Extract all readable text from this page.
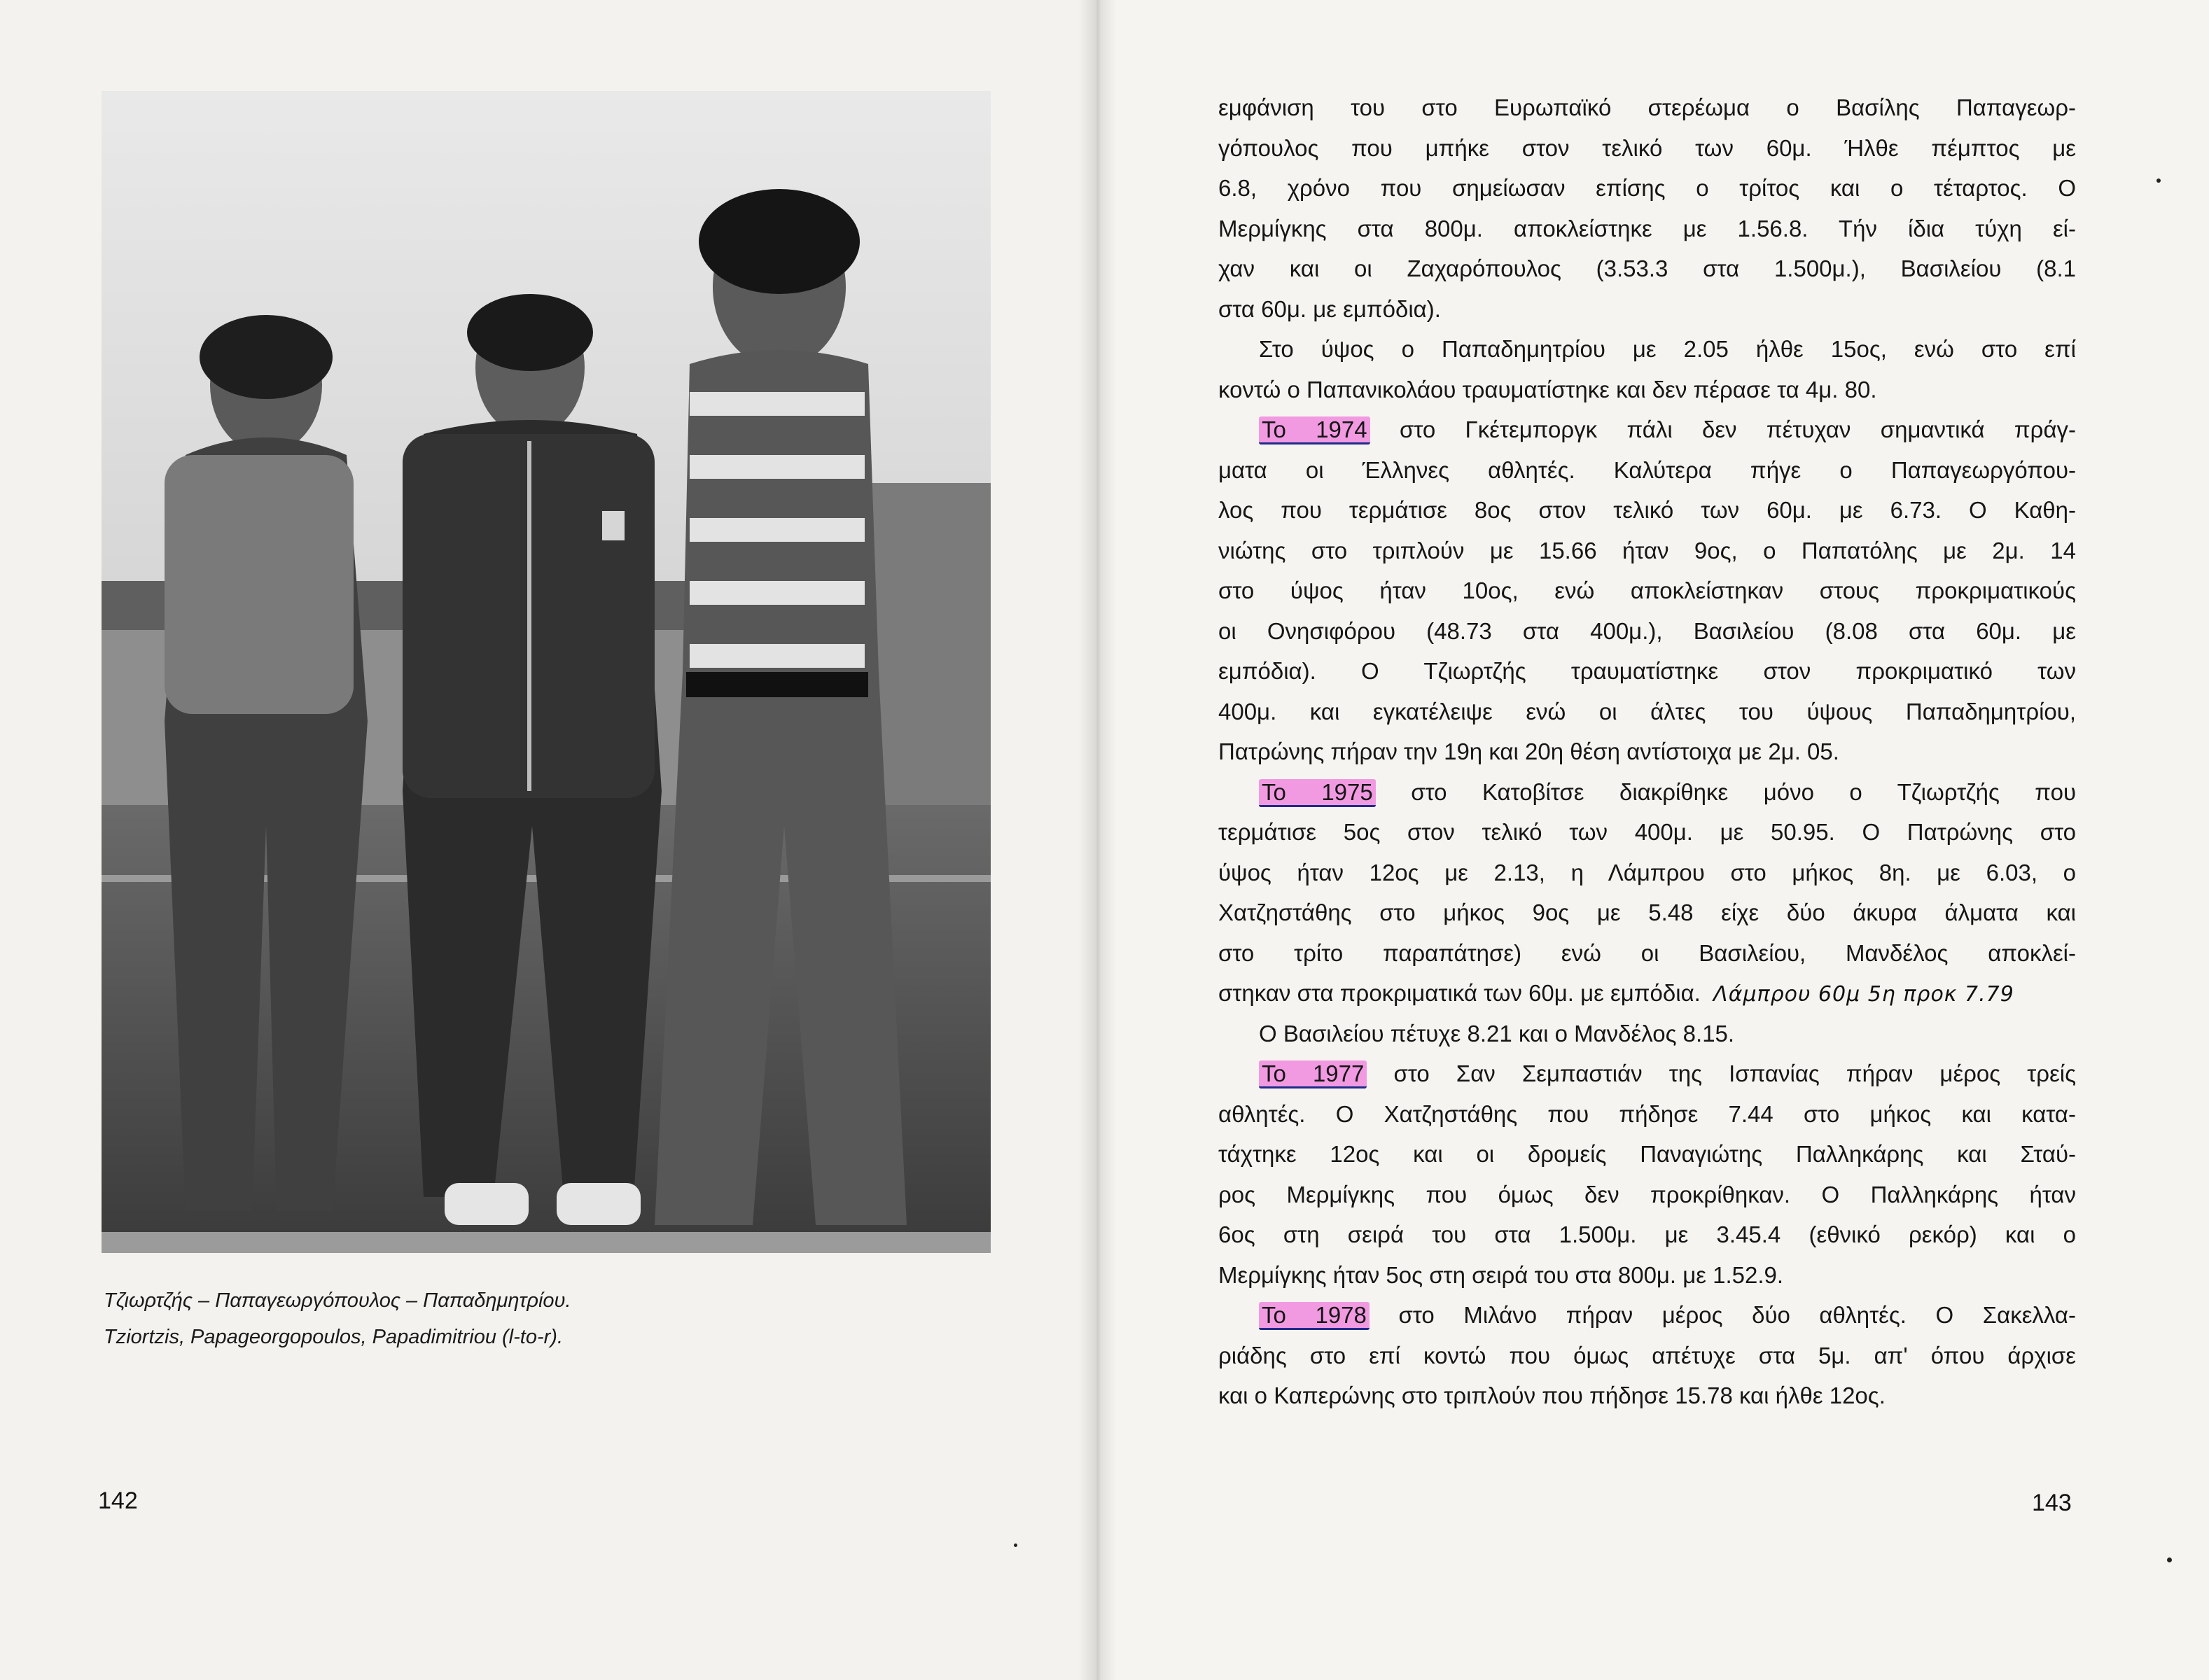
Τζιωρτζής – Παπαγεωργόπουλος – Παπαδημητρίου.
Tziortzis, Papageorgopoulos, Papadimitriou (l-to-r).
142

εμφάνιση του στο Ευρωπαϊκό στερέωμα ο Βασίλης Παπαγεωρ-
γόπουλος που μπήκε στον τελικό των 60μ. Ήλθε πέμπτος με
6.8, χρόνο που σημείωσαν επίσης ο τρίτος και ο τέταρτος. Ο
Μερμίγκης στα 800μ. αποκλείστηκε με 1.56.8. Τήν ίδια τύχη εί-
χαν και οι Ζαχαρόπουλος (3.53.3 στα 1.500μ.), Βασιλείου (8.1
στα 60μ. με εμπόδια).

Στο ύψος ο Παπαδημητρίου με 2.05 ήλθε 15ος, ενώ στο επί
κοντώ ο Παπανικολάου τραυματίστηκε και δεν πέρασε τα 4μ. 80.

Το 1974 στο Γκέτεμποργκ πάλι δεν πέτυχαν σημαντικά πράγ-
ματα οι Έλληνες αθλητές. Καλύτερα πήγε ο Παπαγεωργόπου-
λος που τερμάτισε 8ος στον τελικό των 60μ. με 6.73. Ο Καθη-
νιώτης στο τριπλούν με 15.66 ήταν 9ος, ο Παπατόλης με 2μ. 14
στο ύψος ήταν 10ος, ενώ αποκλείστηκαν στους προκριματικούς
οι Ονησιφόρου (48.73 στα 400μ.), Βασιλείου (8.08 στα 60μ. με
εμπόδια). Ο Τζιωρτζής τραυματίστηκε στον προκριματικό των
400μ. και εγκατέλειψε ενώ οι άλτες του ύψους Παπαδημητρίου,
Πατρώνης πήραν την 19η και 20η θέση αντίστοιχα με 2μ. 05.

Το 1975 στο Κατοβίτσε διακρίθηκε μόνο ο Τζιωρτζής που
τερμάτισε 5ος στον τελικό των 400μ. με 50.95. Ο Πατρώνης στο
ύψος ήταν 12ος με 2.13, η Λάμπρου στο μήκος 8η. με 6.03, ο
Χατζηστάθης στο μήκος 9ος με 5.48 είχε δύο άκυρα άλματα και
στο τρίτο παραπάτησε) ενώ οι Βασιλείου, Μανδέλος αποκλεί-
στηκαν στα προκριματικά των 60μ. με εμπόδια. Λάμπρου 60μ 5η προκ 7.79

Ο Βασιλείου πέτυχε 8.21 και ο Μανδέλος 8.15.

Το 1977 στο Σαν Σεμπαστιάν της Ισπανίας πήραν μέρος τρείς
αθλητές. Ο Χατζηστάθης που πήδησε 7.44 στο μήκος και κατα-
τάχτηκε 12ος και οι δρομείς Παναγιώτης Παλληκάρης και Σταύ-
ρος Μερμίγκης που όμως δεν προκρίθηκαν. Ο Παλληκάρης ήταν
6ος στη σειρά του στα 1.500μ. με 3.45.4 (εθνικό ρεκόρ) και ο
Μερμίγκης ήταν 5ος στη σειρά του στα 800μ. με 1.52.9.

Το 1978 στο Μιλάνο πήραν μέρος δύο αθλητές. Ο Σακελλα-
ριάδης στο επί κοντώ που όμως απέτυχε στα 5μ. απ' όπου άρχισε
και ο Καπερώνης στο τριπλούν που πήδησε 15.78 και ήλθε 12ος.

143
